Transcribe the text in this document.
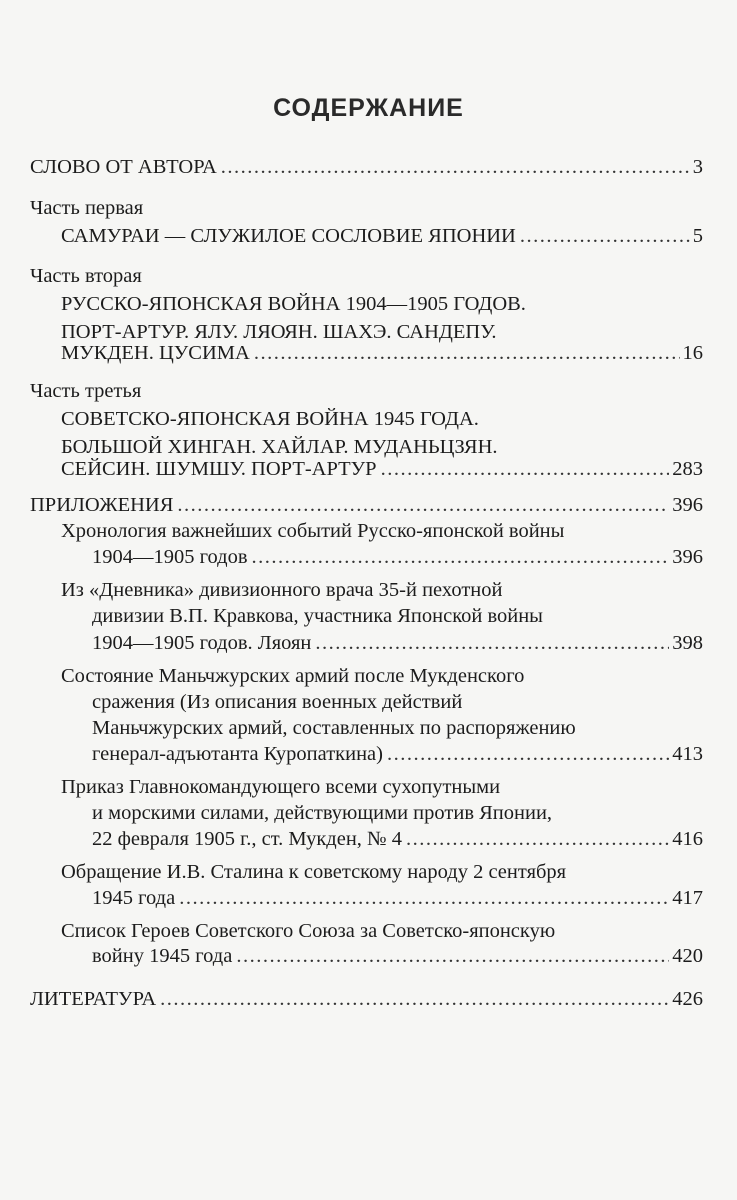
СОДЕРЖАНИЕ
СЛОВО ОТ АВТОРА .....	3
Часть первая
САМУРАИ — СЛУЖИЛОЕ СОСЛОВИЕ ЯПОНИИ .....	5
Часть вторая
РУССКО-ЯПОНСКАЯ ВОЙНА 1904—1905 ГОДОВ.
ПОРТ-АРТУР. ЯЛУ. ЛЯОЯН. ШАХЭ. САНДЕПУ.
МУКДЕН. ЦУСИМА .....	16
Часть третья
СОВЕТСКО-ЯПОНСКАЯ ВОЙНА 1945 ГОДА.
БОЛЬШОЙ ХИНГАН. ХАЙЛАР. МУДАНЬЦЗЯН.
СЕЙСИН. ШУМШУ. ПОРТ-АРТУР .....	283
ПРИЛОЖЕНИЯ .....	396
Хронология важнейших событий Русско-японской войны
1904—1905 годов .....	396
Из «Дневника» дивизионного врача 35-й пехотной
дивизии В.П. Кравкова, участника Японской войны
1904—1905 годов. Ляоян .....	398
Состояние Маньчжурских армий после Мукденского
сражения (Из описания военных действий
Маньчжурских армий, составленных по распоряжению
генерал-адъютанта Куропаткина) .....	413
Приказ Главнокомандующего всеми сухопутными
и морскими силами, действующими против Японии,
22 февраля 1905 г., ст. Мукден, № 4 .....	416
Обращение И.В. Сталина к советскому народу 2 сентября
1945 года .....	417
Список Героев Советского Союза за Советско-японскую
войну 1945 года .....	420
ЛИТЕРАТУРА .....	426
